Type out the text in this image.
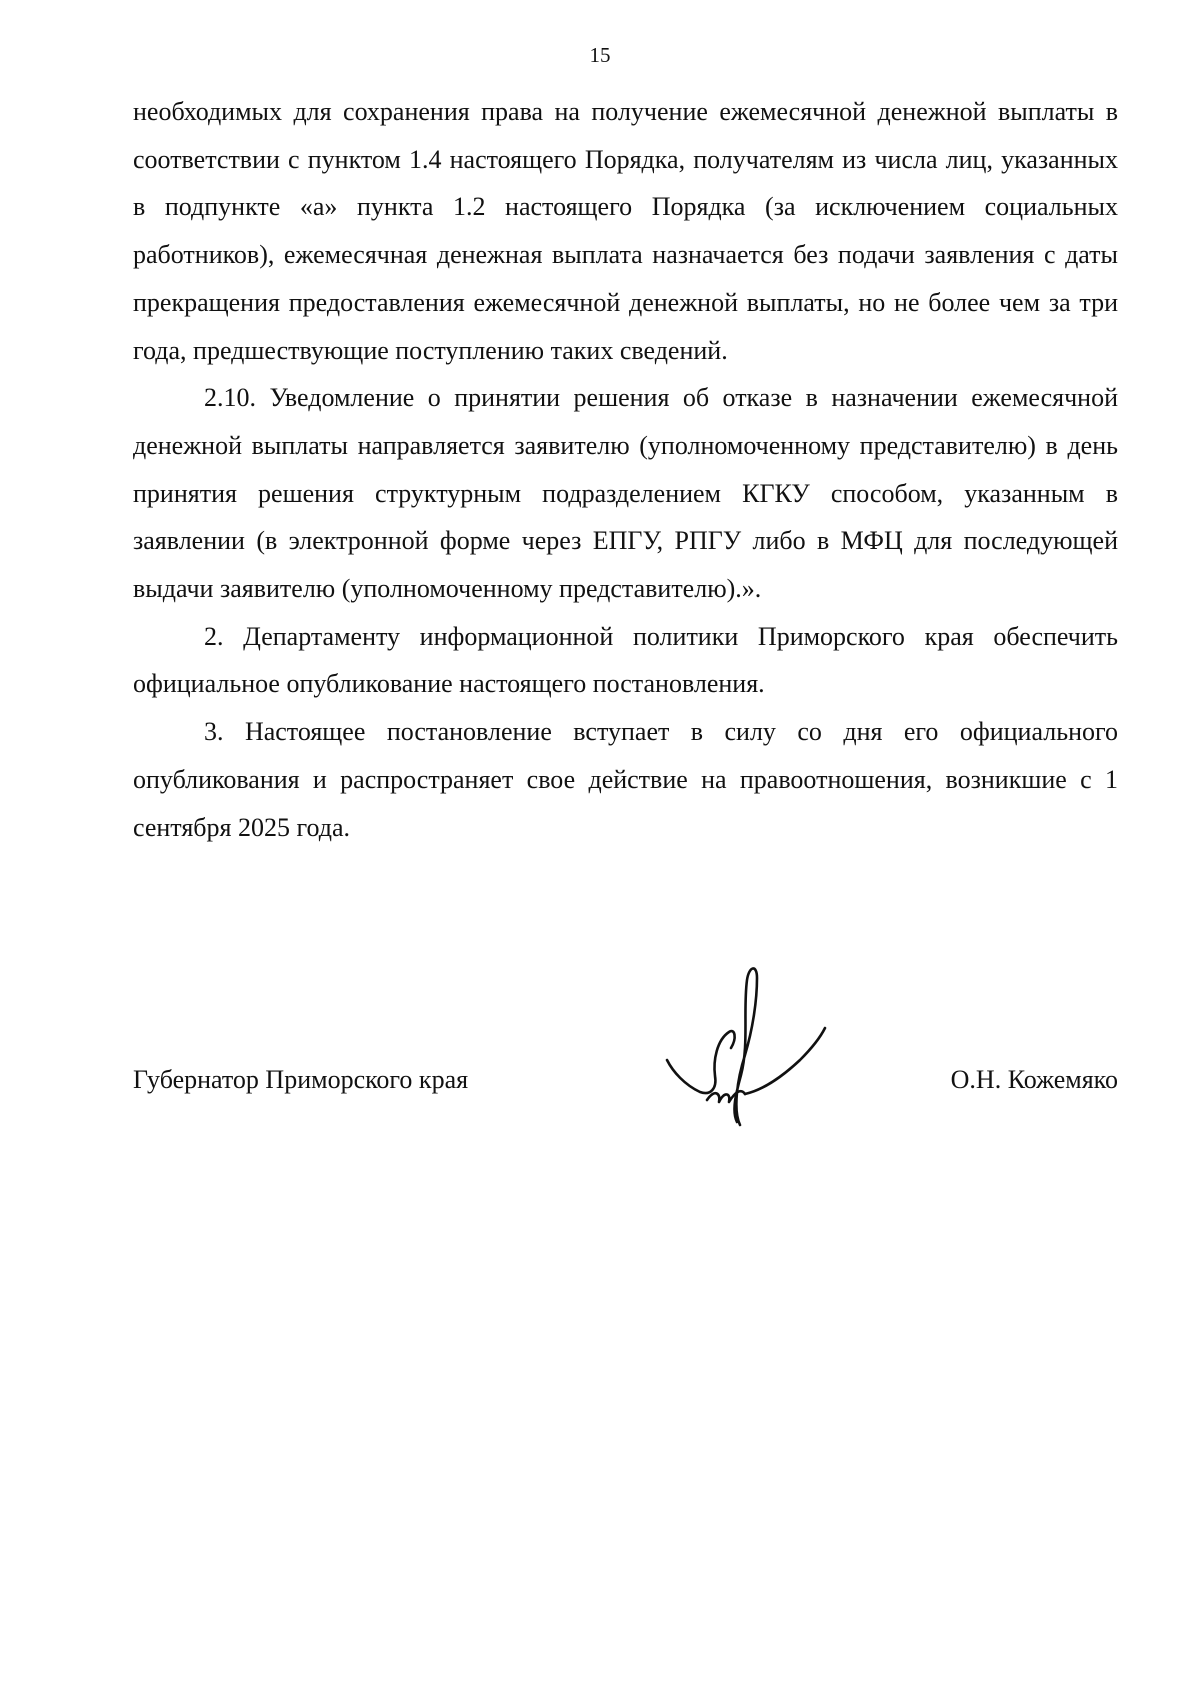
15

необходимых для сохранения права на получение ежемесячной денежной выплаты в соответствии с пунктом 1.4 настоящего Порядка, получателям из числа лиц, указанных в подпункте «а» пункта 1.2 настоящего Порядка (за исключением социальных работников), ежемесячная денежная выплата назначается без подачи заявления с даты прекращения предоставления ежемесячной денежной выплаты, но не более чем за три года, предшествующие поступлению таких сведений.

2.10. Уведомление о принятии решения об отказе в назначении ежемесячной денежной выплаты направляется заявителю (уполномоченному представителю) в день принятия решения структурным подразделением КГКУ способом, указанным в заявлении (в электронной форме через ЕПГУ, РПГУ либо в МФЦ для последующей выдачи заявителю (уполномоченному представителю).».

2. Департаменту информационной политики Приморского края обеспечить официальное опубликование настоящего постановления.

3. Настоящее постановление вступает в силу со дня его официального опубликования и распространяет свое действие на правоотношения, возникшие с 1 сентября 2025 года.

Губернатор Приморского края	О.Н. Кожемяко
